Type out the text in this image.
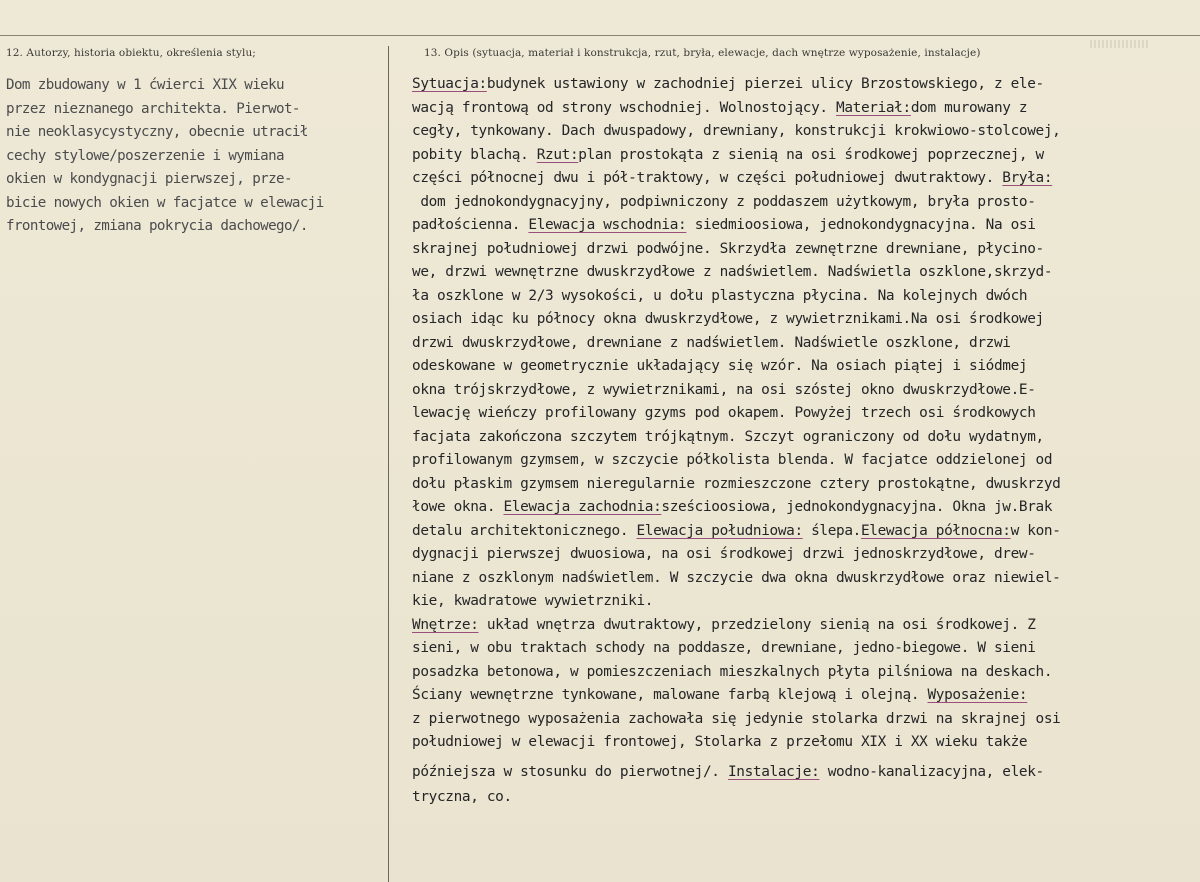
12. Autorzy, historia obiektu, określenia stylu;	13. Opis (sytuacja, materiał i konstrukcja, rzut, bryła, elewacje, dach wnętrze wyposażenie, instalacje)
Dom zbudowany w 1 ćwierci XIX wieku
przez nieznanego architekta. Pierwot-
nie neoklasycystyczny, obecnie utracił
cechy stylowe/poszerzenie i wymiana
okien w kondygnacji pierwszej, prze-
bicie nowych okien w facjatce w elewacji
frontowej, zmiana pokrycia dachowego/.
Sytuacja:budynek ustawiony w zachodniej pierzei ulicy Brzostowskiego, z ele-
wacją frontową od strony wschodniej. Wolnostojący. Materiał:dom murowany z
cegły, tynkowany. Dach dwuspadowy, drewniany, konstrukcji krokwiowo-stolcowej,
pobity blachą. Rzut:plan prostokąta z sienią na osi środkowej poprzecznej, w
części północnej dwu i pół-traktowy, w części południowej dwutraktowy. Bryła:
dom jednokondygnacyjny, podpiwniczony z poddaszem użytkowym, bryła prosto-
padłościenna. Elewacja wschodnia: siedmioosiowa, jednokondygnacyjna. Na osi
skrajnej południowej drzwi podwójne. Skrzydła zewnętrzne drewniane, płycino-
we, drzwi wewnętrzne dwuskrzydłowe z nadświetlem. Nadświetla oszklone,skrzyd-
ła oszklone w 2/3 wysokości, u dołu plastyczna płycina. Na kolejnych dwóch
osiach idąc ku północy okna dwuskrzydłowe, z wywietrznikami.Na osi środkowej
drzwi dwuskrzydłowe, drewniane z nadświetlem. Nadświetle oszklone, drzwi
odeskowane w geometrycznie układający się wzór. Na osiach piątej i siódmej
okna trójskrzydłowe, z wywietrznikami, na osi szóstej okno dwuskrzydłowe.E-
lewację wieńczy profilowany gzyms pod okapem. Powyżej trzech osi środkowych
facjata zakończona szczytem trójkątnym. Szczyt ograniczony od dołu wydatnym,
profilowanym gzymsem, w szczycie półkolista blenda. W facjatce oddzielonej od
dołu płaskim gzymsem nieregularnie rozmieszczone cztery prostokątne, dwuskrzyd
łowe okna. Elewacja zachodnia:sześcioosiowa, jednokondygnacyjna. Okna jw.Brak
detalu architektonicznego. Elewacja południowa: ślepa.Elewacja północna:w kon-
dygnacji pierwszej dwuosiowa, na osi środkowej drzwi jednoskrzydłowe, drew-
niane z oszklonym nadświetlem. W szczycie dwa okna dwuskrzydłowe oraz niewiel-
kie, kwadratowe wywietrzniki.
Wnętrze: układ wnętrza dwutraktowy, przedzielony sienią na osi środkowej. Z
sieni, w obu traktach schody na poddasze, drewniane, jedno-biegowe. W sieni
posadzka betonowa, w pomieszczeniach mieszkalnych płyta pilśniowa na deskach.
Ściany wewnętrzne tynkowane, malowane farbą klejową i olejną. Wyposażenie:
z pierwotnego wyposażenia zachowała się jedynie stolarka drzwi na skrajnej osi
południowej w elewacji frontowej, Stolarka z przełomu XIX i XX wieku także
późniejsza w stosunku do pierwotnej/. Instalacje: wodno-kanalizacyjna, elek-
tryczna, co.
